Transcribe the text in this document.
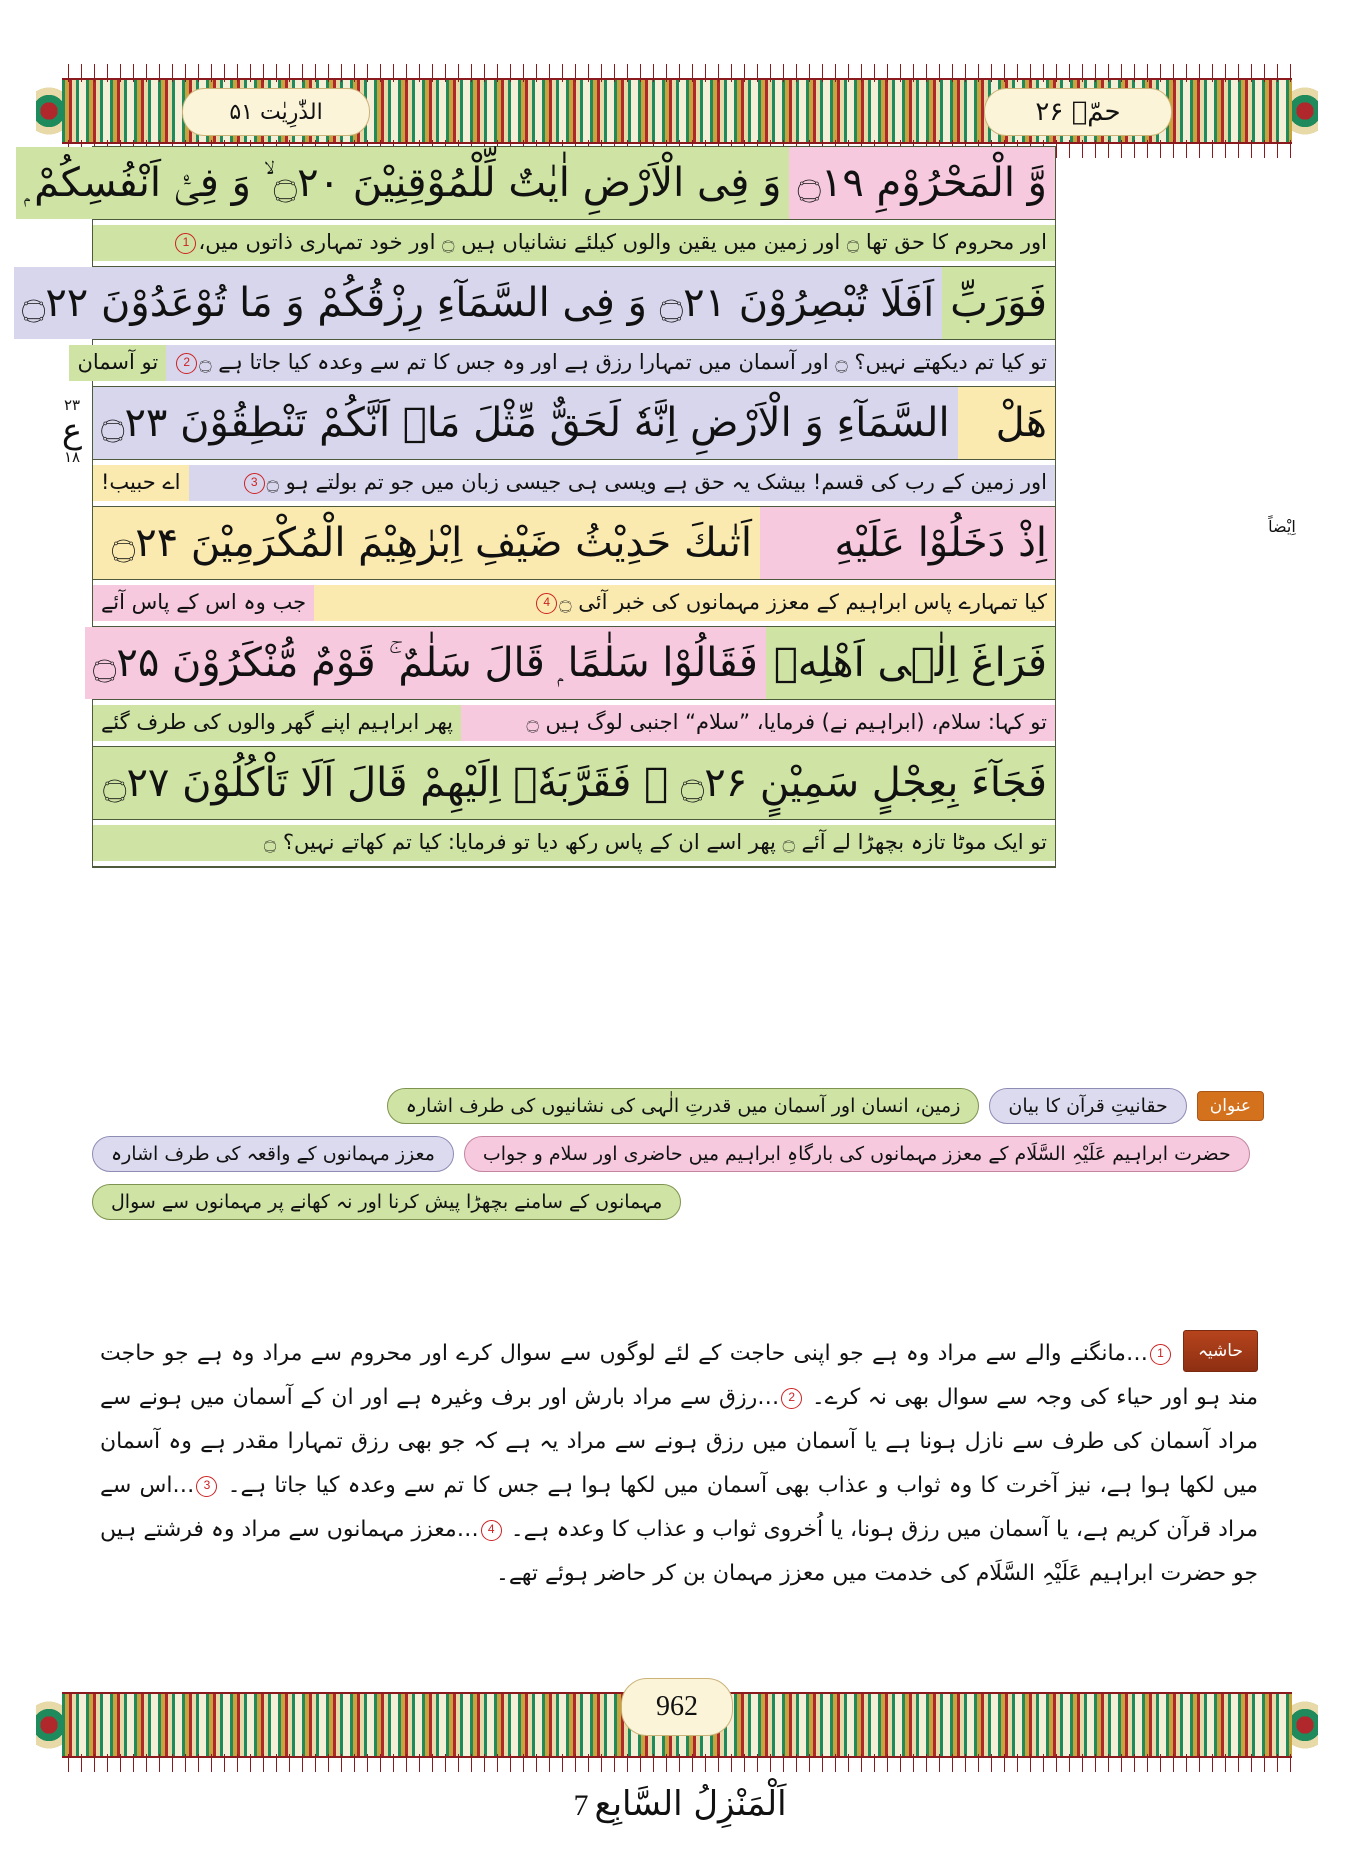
الذّٰرِیٰت ۵۱	حمّۤ ۲۶
۲۳
ع
۱۸
اِیْضاً
وَّ الْمَحْرُوْمِ ۝۱۹
وَ فِی الْاَرْضِ اٰیٰتٌ لِّلْمُوْقِنِیْنَ ۝۲۰ ۙ وَ فِیْۤ اَنْفُسِكُمْ ۭ
اور محروم کا حق تھا ۝ اور زمین میں یقین والوں کیلئے نشانیاں ہیں ۝ اور خود تمہاری ذاتوں میں،
1
فَوَرَبِّ
اَفَلَا تُبْصِرُوْنَ ۝۲۱ وَ فِی السَّمَآءِ رِزْقُكُمْ وَ مَا تُوْعَدُوْنَ ۝۲۲
تو کیا تم دیکھتے نہیں؟ ۝ اور آسمان میں تمہارا رزق ہے اور وہ جس کا تم سے وعدہ کیا جاتا ہے ۝
2
تو آسمان
هَلْ
السَّمَآءِ وَ الْاَرْضِ اِنَّهٗ لَحَقٌّ مِّثْلَ مَاۤ اَنَّكُمْ تَنْطِقُوْنَ ۝۲۳
اور زمین کے رب کی قسم! بیشک یہ حق ہے ویسی ہی جیسی زبان میں جو تم بولتے ہو ۝
3
اے حبیب!
اِذْ دَخَلُوْا عَلَیْهِ
اَتٰىكَ حَدِیْثُ ضَیْفِ اِبْرٰهِیْمَ الْمُكْرَمِیْنَ ۝۲۴
کیا تمہارے پاس ابراہیم کے معزز مہمانوں کی خبر آئی ۝
4
جب وہ اس کے پاس آئے
فَرَاغَ اِلٰۤى اَهْلِهٖ
فَقَالُوْا سَلٰمًا ۭ قَالَ سَلٰمٌ ۚ قَوْمٌ مُّنْكَرُوْنَ ۝۲۵
تو کہا: سلام، (ابراہیم نے) فرمایا، ”سلام“ اجنبی لوگ ہیں ۝
پھر ابراہیم اپنے گھر والوں کی طرف گئے
فَجَآءَ بِعِجْلٍ سَمِیْنٍ ۝۲۶ ۙ فَقَرَّبَهٗۤ اِلَیْهِمْ قَالَ اَلَا تَاْكُلُوْنَ ۝۲۷
تو ایک موٹا تازہ بچھڑا لے آئے ۝ پھر اسے ان کے پاس رکھ دیا تو فرمایا: کیا تم کھاتے نہیں؟ ۝
عنوان
حقانیتِ قرآن کا بیان
زمین، انسان اور آسمان میں قدرتِ الٰہی کی نشانیوں کی طرف اشارہ
حضرت ابراہیم عَلَیْہِ السَّلَام کے معزز مہمانوں کی بارگاہِ ابراہیم میں حاضری اور سلام و جواب
معزز مہمانوں کے واقعہ کی طرف اشارہ
مہمانوں کے سامنے بچھڑا پیش کرنا اور نہ کھانے پر مہمانوں سے سوال
حاشیہ1…مانگنے والے سے مراد وہ ہے جو اپنی حاجت کے لئے لوگوں سے سوال کرے اور محروم سے مراد وہ ہے جو حاجت مند ہو اور حیاء کی وجہ سے سوال بھی نہ کرے۔ 2…رزق سے مراد بارش اور برف وغیرہ ہے اور ان کے آسمان میں ہونے سے مراد آسمان کی طرف سے نازل ہونا ہے یا آسمان میں رزق ہونے سے مراد یہ ہے کہ جو بھی رزق تمہارا مقدر ہے وہ آسمان میں لکھا ہوا ہے، نیز آخرت کا وہ ثواب و عذاب بھی آسمان میں لکھا ہوا ہے جس کا تم سے وعدہ کیا جاتا ہے۔ 3…اس سے مراد قرآن کریم ہے، یا آسمان میں رزق ہونا، یا اُخروی ثواب و عذاب کا وعدہ ہے۔ 4…معزز مہمانوں سے مراد وہ فرشتے ہیں جو حضرت ابراہیم عَلَیْہِ السَّلَام کی خدمت میں معزز مہمان بن کر حاضر ہوئے تھے۔
962
اَلْمَنْزِلُ السَّابِع7
